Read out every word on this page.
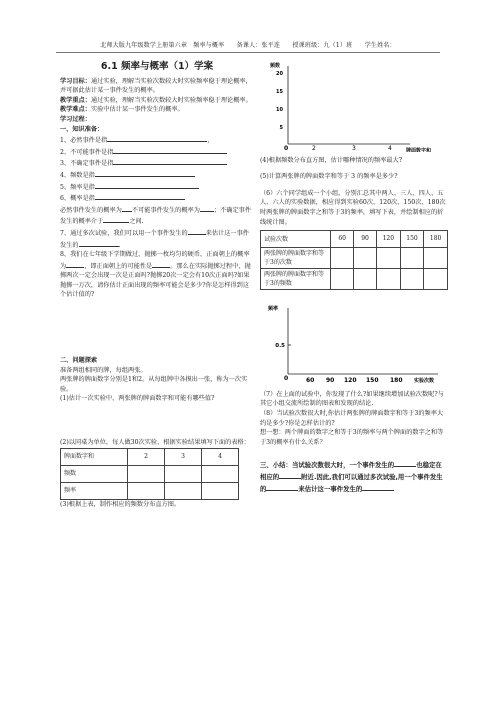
北师大版九年级数学上册第六章　频率与概率　　备课人：张平连　　授课班级：九（1）班　　学生姓名：
6.1 频率与概率（1）学案

学习目标：通过实验，理解当实验次数较大时实验频率稳于理论概率，并可据此估计某一事件发生的概率。

教学重点：通过实验，理解当实验次数较大时实验频率稳于理论概率。

教学难点：实验中估计某一事件发生的概率。

学习过程：

一、知识准备：

1、必然事件是指	，

2、不可能事件是指

3、不确定事件是指

4、频数是指

5、频率是指

6、概率是指

必然事件发生的概率为 不可能事件发生的概率为 ；不确定事件发生的概率介于	之间.

7、通过多次试验，我们可以用一个事件发生的	来估计这一事件发生的	.

8、我们在七年级下学期做过，抛掷一枚均匀的硬币，正面朝上的概率为	，即正面朝上的可能性是	。那么在实际抛掷过程中，抛掷两次一定会出现一次是正面吗?抛掷20次一定会有10次正面吗?如果抛掷一万次，请你估计正面出现的频率可能会是多少?你是怎样得到这个估计值的?

二、问题探索

准备两组相同的牌，每组两张。

两张牌的牌面数字分别是1和2。从每组牌中各摸出一张，称为一次实验。

(1)估计一次实验中，两张牌的牌面数字和可能有哪些值?

(2)以同桌为单位，每人做30次实验，根据实验结果填写下面的表格：

牌面数字和	2	3	4
频数			
频率			

(3)根据上表，制作相应的频数分布直方图。

频数
20
15
10
5
0	2	3	4	牌面数字和

(4)根据频数分布直方图，估计哪种情况的频率最大?

(5)计算两张牌的牌面数字和等于 3 的频率是多少?

（6）六个同学组成一个小组，分别汇总其中两人、三人、四人、五人、六人的实验数据，相应得到实验60次、120次、150次、180次时两张牌的牌面数字之和等于3的频率，填写下表，并绘制相应的折线统计图。

试验次数	60	90	120	150	180
两张牌的牌面数字和等于3的次数					
两张牌的牌面数字和等于3的频数					
频率
0.5
0	60 90 120 150 180 实验次数

（7）在上面的试验中，你发现了什么?如果继续增加试验次数呢?与其它小组交流所绘制的图表和发现的结论.

（8）当试验次数很大时,你估计两张牌的牌面数字和等于3的频率大约是多少?你是怎样估计的?

想一想：两个牌面的数字之和等于3的频率与两个牌面的数字之和等于3的概率有什么关系？

三、小结：当试验次数很大时，一个事件发生的	也稳定在相应的	附近.因此,我们可以通过多次试验,用一个事件发生的	来估计这一事件发生的
